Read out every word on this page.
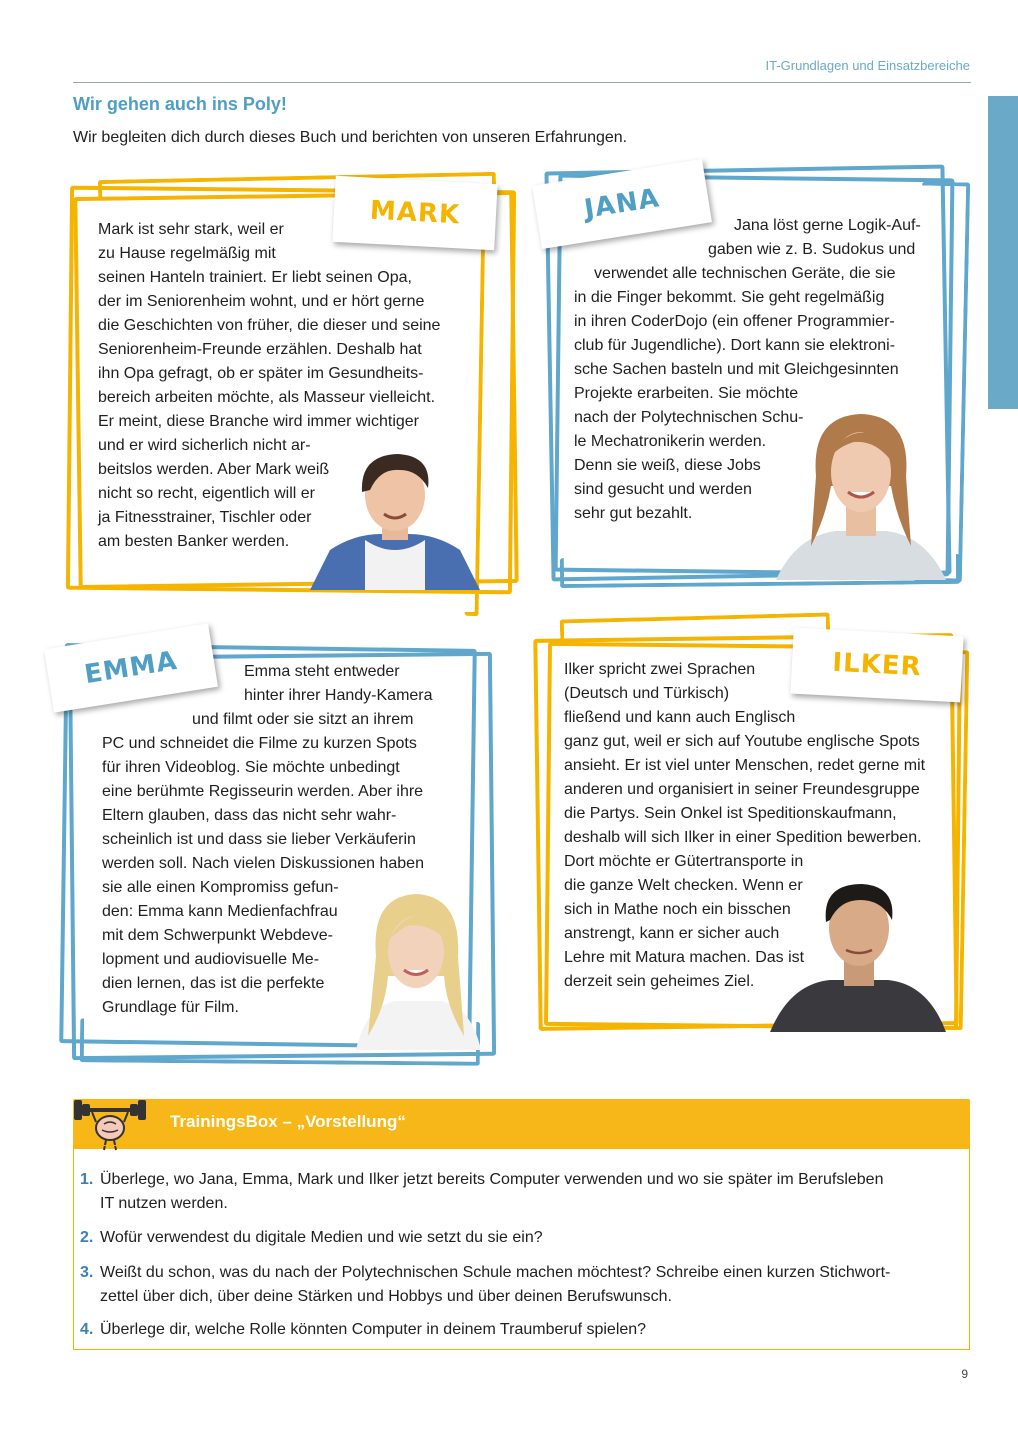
IT-Grundlagen und Einsatzbereiche
Wir gehen auch ins Poly!

Wir begleiten dich durch dieses Buch und berichten von unseren Erfahrungen.

MARK
Mark ist sehr stark, weil er
zu Hause regelmäßig mit
seinen Hanteln trainiert. Er liebt seinen Opa,
der im Seniorenheim wohnt, und er hört gerne
die Geschichten von früher, die dieser und seine
Seniorenheim-Freunde erzählen. Deshalb hat
ihn Opa gefragt, ob er später im Gesundheits-
bereich arbeiten möchte, als Masseur vielleicht.
Er meint, diese Branche wird immer wichtiger
und er wird sicherlich nicht ar-
beitslos werden. Aber Mark weiß
nicht so recht, eigentlich will er
ja Fitnesstrainer, Tischler oder
am besten Banker werden.
JANA
Jana löst gerne Logik-Auf-
gaben wie z. B. Sudokus und
verwendet alle technischen Geräte, die sie
in die Finger bekommt. Sie geht regelmäßig
in ihren CoderDojo (ein offener Programmier-
club für Jugendliche). Dort kann sie elektroni-
sche Sachen basteln und mit Gleichgesinnten
Projekte erarbeiten. Sie möchte
nach der Polytechnischen Schu-
le Mechatronikerin werden.
Denn sie weiß, diese Jobs
sind gesucht und werden
sehr gut bezahlt.
EMMA	Emma steht entweder
hinter ihrer Handy-Kamera
und filmt oder sie sitzt an ihrem
PC und schneidet die Filme zu kurzen Spots
für ihren Videoblog. Sie möchte unbedingt
eine berühmte Regisseurin werden. Aber ihre
Eltern glauben, dass das nicht sehr wahr-
scheinlich ist und dass sie lieber Verkäuferin
werden soll. Nach vielen Diskussionen haben
sie alle einen Kompromiss gefun-
den: Emma kann Medienfachfrau
mit dem Schwerpunkt Webdeve-
lopment und audiovisuelle Me-
dien lernen, das ist die perfekte
Grundlage für Film.
ILKER
Ilker spricht zwei Sprachen
(Deutsch und Türkisch)
fließend und kann auch Englisch
ganz gut, weil er sich auf Youtube englische Spots
ansieht. Er ist viel unter Menschen, redet gerne mit
anderen und organisiert in seiner Freundesgruppe
die Partys. Sein Onkel ist Speditionskaufmann,
deshalb will sich Ilker in einer Spedition bewerben.
Dort möchte er Gütertransporte in
die ganze Welt checken. Wenn er
sich in Mathe noch ein bisschen
anstrengt, kann er sicher auch
Lehre mit Matura machen. Das ist
derzeit sein geheimes Ziel.
TrainingsBox – „Vorstellung“
1. Überlege, wo Jana, Emma, Mark und Ilker jetzt bereits Computer verwenden und wo sie später im Berufsleben
IT nutzen werden.
2. Wofür verwendest du digitale Medien und wie setzt du sie ein?
3. Weißt du schon, was du nach der Polytechnischen Schule machen möchtest? Schreibe einen kurzen Stichwort-
zettel über dich, über deine Stärken und Hobbys und über deinen Berufswunsch.
4. Überlege dir, welche Rolle könnten Computer in deinem Traumberuf spielen?
9
